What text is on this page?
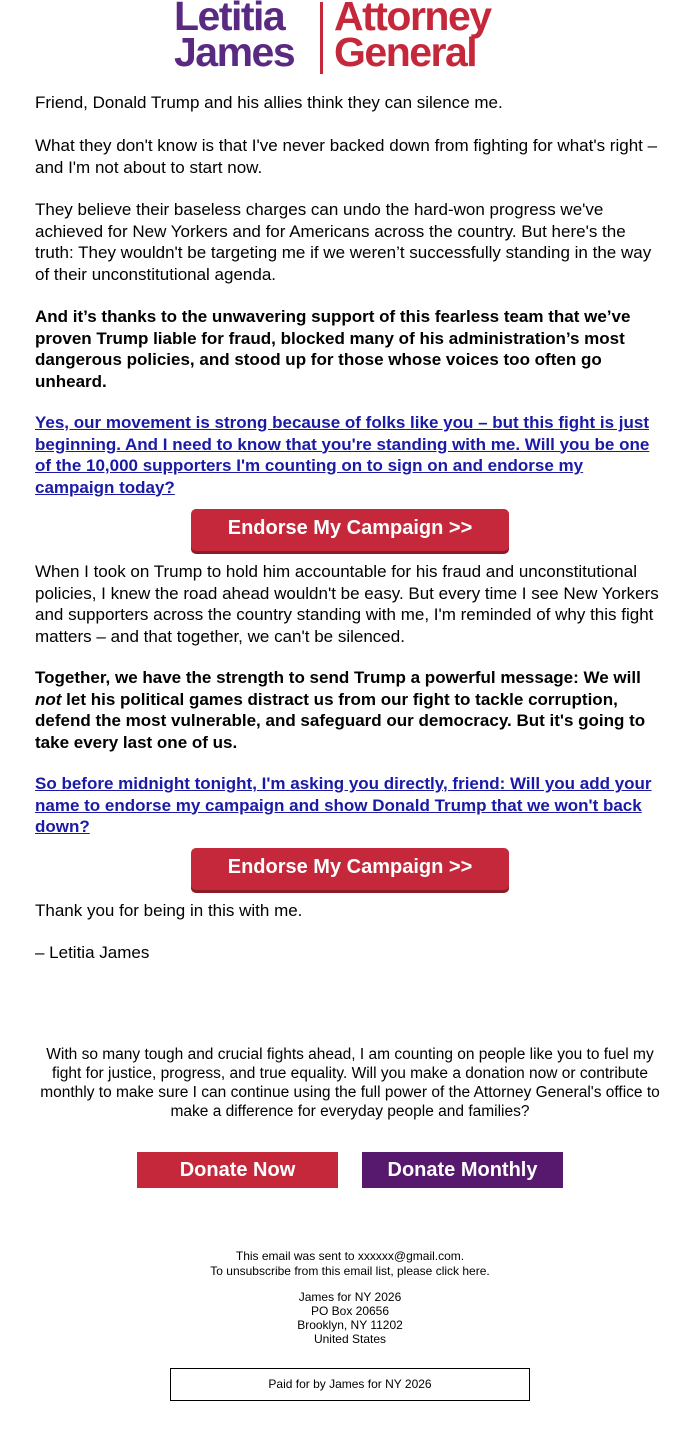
Letitia
James
Attorney
General
Friend, Donald Trump and his allies think they can silence me.
What they don't know is that I've never backed down from fighting for what's right – and I'm not about to start now.
They believe their baseless charges can undo the hard-won progress we've achieved for New Yorkers and for Americans across the country. But here's the truth: They wouldn't be targeting me if we weren’t successfully standing in the way of their unconstitutional agenda.
And it’s thanks to the unwavering support of this fearless team that we’ve proven Trump liable for fraud, blocked many of his administration’s most dangerous policies, and stood up for those whose voices too often go unheard.
Yes, our movement is strong because of folks like you – but this fight is just beginning. And I need to know that you're standing with me. Will you be one of the 10,000 supporters I'm counting on to sign on and endorse my campaign today?
Endorse My Campaign >>
When I took on Trump to hold him accountable for his fraud and unconstitutional policies, I knew the road ahead wouldn't be easy. But every time I see New Yorkers and supporters across the country standing with me, I'm reminded of why this fight matters – and that together, we can't be silenced.
Together, we have the strength to send Trump a powerful message: We will not let his political games distract us from our fight to tackle corruption, defend the most vulnerable, and safeguard our democracy. But it's going to take every last one of us.
So before midnight tonight, I'm asking you directly, friend: Will you add your name to endorse my campaign and show Donald Trump that we won't back down?
Endorse My Campaign >>
Thank you for being in this with me.
– Letitia James
With so many tough and crucial fights ahead, I am counting on people like you to fuel my fight for justice, progress, and true equality. Will you make a donation now or contribute monthly to make sure I can continue using the full power of the Attorney General's office to make a difference for everyday people and families?
Donate Now	Donate Monthly
This email was sent to xxxxxx@gmail.com.
To unsubscribe from this email list, please click here.
James for NY 2026
PO Box 20656
Brooklyn, NY 11202
United States
Paid for by James for NY 2026
